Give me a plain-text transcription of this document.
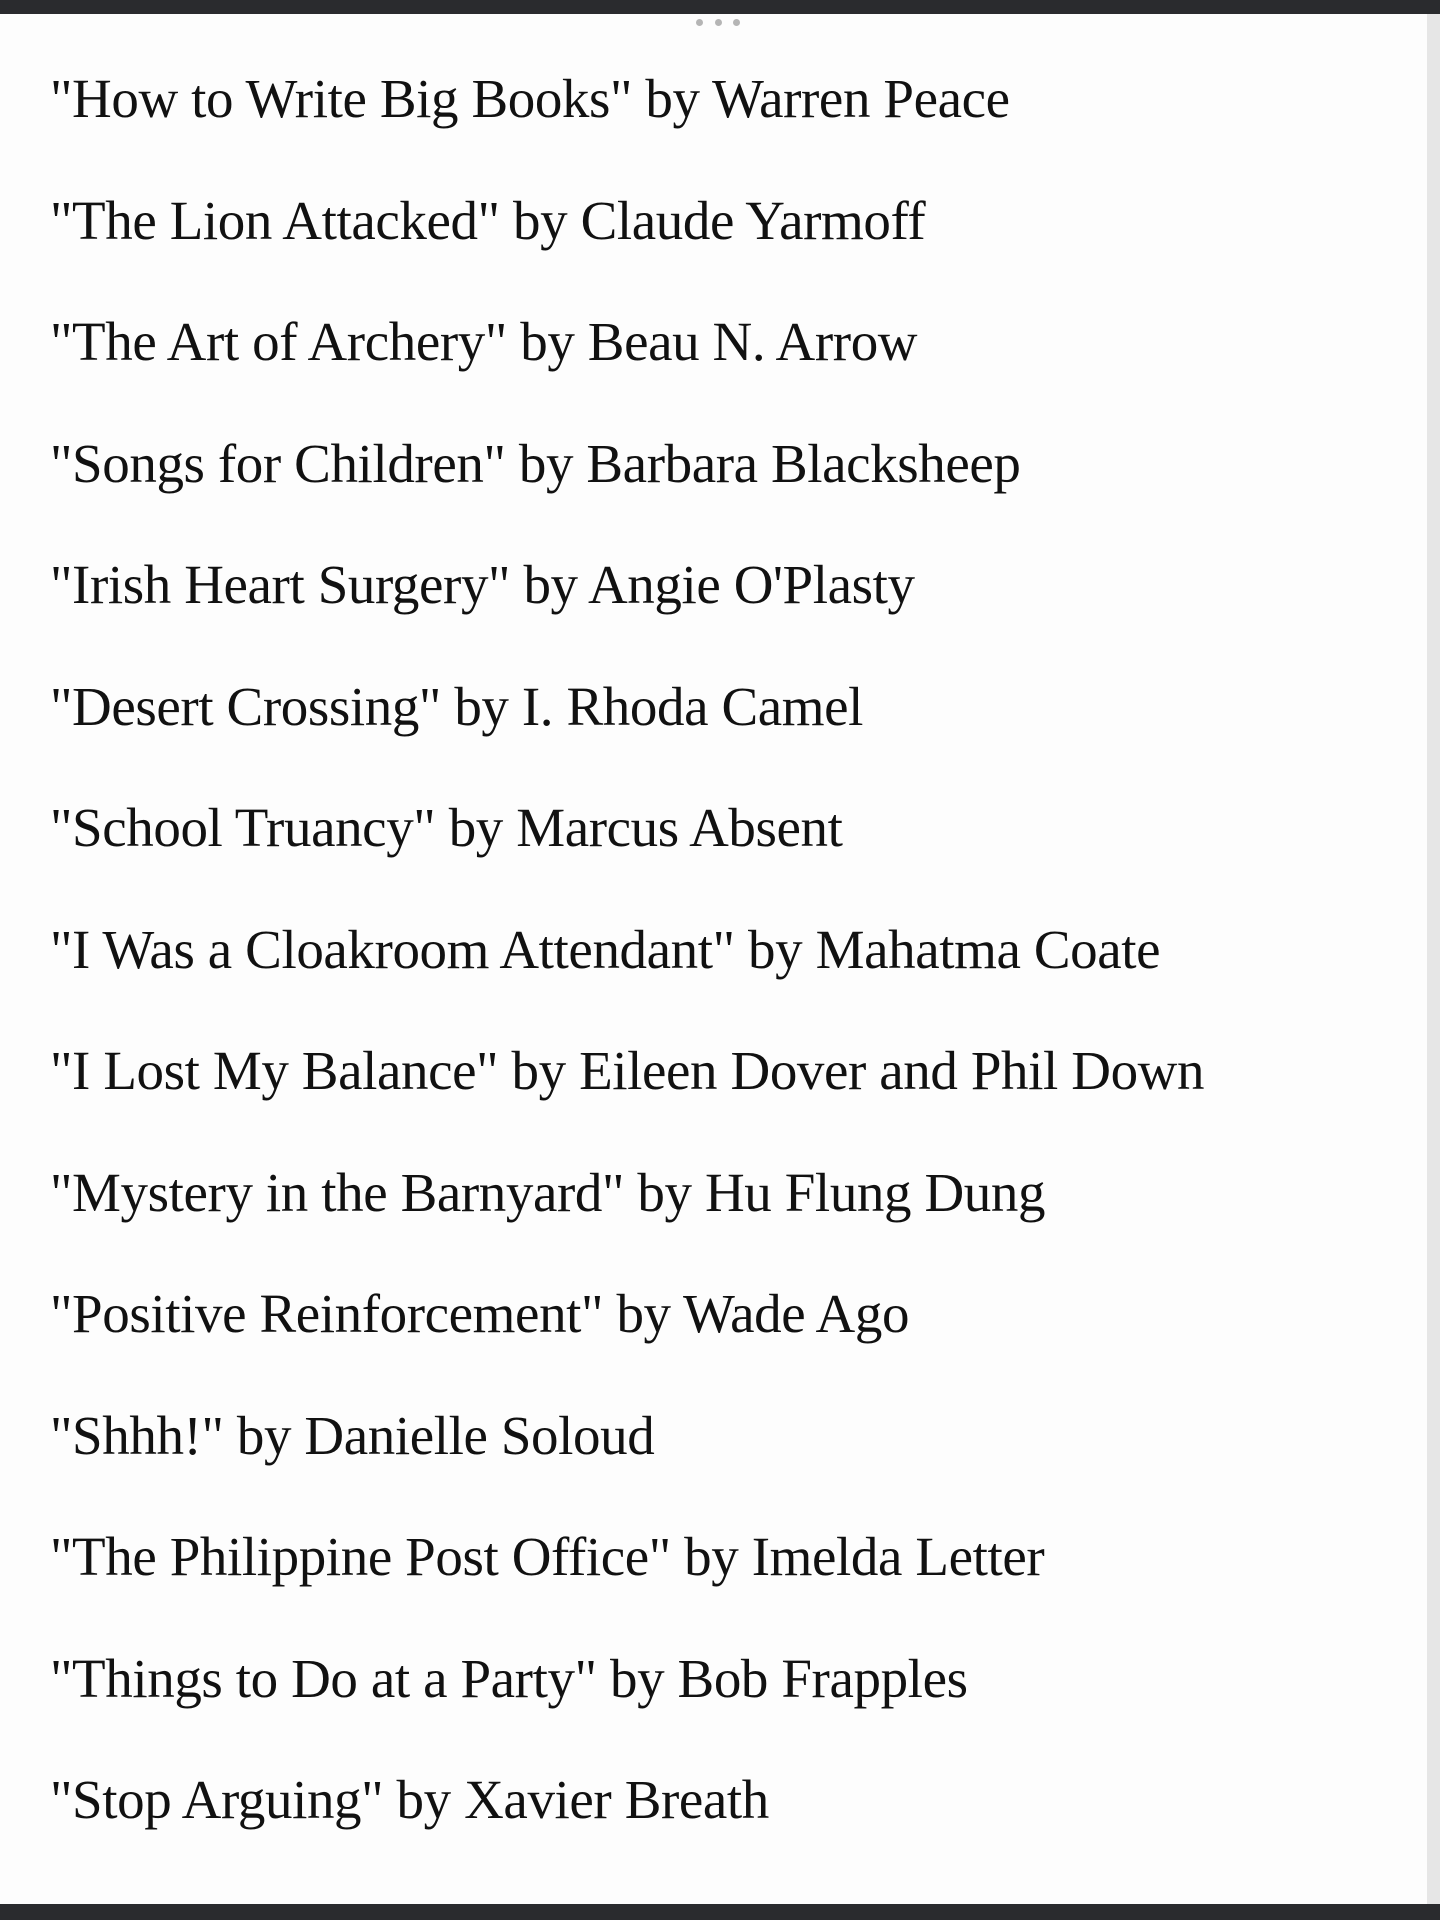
"How to Write Big Books" by Warren Peace
"The Lion Attacked" by Claude Yarmoff
"The Art of Archery" by Beau N. Arrow
"Songs for Children" by Barbara Blacksheep
"Irish Heart Surgery" by Angie O'Plasty
"Desert Crossing" by I. Rhoda Camel
"School Truancy" by Marcus Absent
"I Was a Cloakroom Attendant" by Mahatma Coate
"I Lost My Balance" by Eileen Dover and Phil Down
"Mystery in the Barnyard" by Hu Flung Dung
"Positive Reinforcement" by Wade Ago
"Shhh!" by Danielle Soloud
"The Philippine Post Office" by Imelda Letter
"Things to Do at a Party" by Bob Frapples
"Stop Arguing" by Xavier Breath
